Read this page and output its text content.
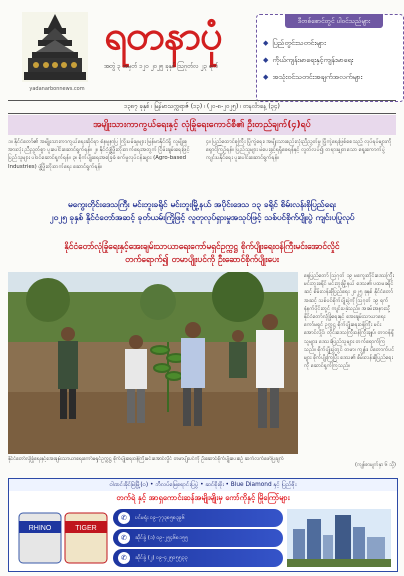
yadanarbonnews.com
ရတနာပုံ
အတွဲ ၃ အမှတ် ၁၂၀ ၂၀၂၅ ခုနှစ် ဩဂုတ်လ ၂၃ ရက်
ဒီတစ်စောင်တွင် ပါဝင်သည်များ
◆ ပြည်တွင်းသတင်းများ
◆ ကိုယ်ကျန်းမာရေးနှင့်ကျန်းမာရေး
◆ အသုံးဝင်သတင်းအချက်အလက်များ
၁၃၈၇ ခုနှစ် ၊ မြန်မာသက္ကရာဇ် (၁၃) ၊ (၂၀-၈-၂၀၂၅) ၊ တနင်္လာနေ့ (၃၄)
အမျိုးသားကာကွယ်ရေးနှင့် လုံခြုံရေးကောင်စီ၏ ဦးတည်ချက်(၄)ရပ်
၁။ နိုင်ငံတော်၏ အမျိုးသားကာကွယ်ရေးဆိုင်ရာ စံနမူနာပြ ကြိုးပမ်းမှုများ မြန်မာနိုင်ငံရှိ လူမျိုးစုအားလုံး ညီညွတ်စွာ ပူးပေါင်းဆောင်ရွက်ရန်။ ၂။ နိုင်ငံ့ဖွံ့ဖြိုးတိုးတက်ရေးအတွက် ငြိမ်းချမ်းရေးဖြင့် ပြည်သူများ ပါဝင်ဆောင်ရွက်ရန်။ ၃။ စိုက်ပျိုးရေးအခြေခံ စက်မှုလုပ်ငန်းများ (Agro-based Industries) ဖွံ့ဖြိုးတိုးတက်ရေး ဆောင်ရွက်ရန်။
၄။ ပြည်ထောင်စုကြီး ပြိုကွဲရေး၊ အမျိုးသားစည်းလုံးညီညွတ်မှု ပြိုကွဲရေးဖြစ်စေသည့် လုပ်ရပ်များကို ရှောင်ကြဉ်ရန်။ ပြည်သူများ မဲပေးခွင့်ရရှိစေရန်နှင့် လွတ်လပ်၍ တရားမျှတသော ရွေးကောက်ပွဲကျင်းပနိုင်ရေး ပူးပေါင်းဆောင်ရွက်ရန်။
မကွေးတိုင်းဒေသကြီး မင်းဘူးခရိုင် မင်းဘူးမြို့နယ် အပိုင်းဒေသ ၁၃ ခရိုင် စိမ်းလန်းစိုပြည်ရေး
၂၀၂၅ ခုနှစ် နိုင်ငံတော်အဆင့် ခုတ်ယမ်းကြိုဖြင့် လူတုလုပ်ရှားမှုအသုပ်ဖြင့် သစ်ပင်စိုက်ပျိုးပွဲ ကျင်းပပြုလုပ်
နိုင်ငံတော်လုံခြုံရေးနှင့်အေးချမ်းသာယာရေးကော်မရှင်ဥက္ကဋ္ဌ စိုက်ပျိုးရေးဝန်ကြီးမင်းအောင်လှိုင်
တက်ရောက်၍ တမာပျိုးပင်ကို ဦးဆောင်စိုက်ပျိုးပေး
နိုင်ငံတော်လုံခြုံရေးနှင့်အေးချမ်းသာယာရေးကော်မရှင်ဥက္ကဋ္ဌ စိုက်ပျိုးရေးဝန်ကြီးမင်းအောင်လှိုင် တမာပျိုးပင်ကို ဦးဆောင်စိုက်ပျိုးပေးစဉ် ဆက်လက်ဖော်ပြချက်
နေပြည်တော် ဩဂုတ် ၁၉ မကွေးတိုင်းဒေသကြီး မင်းဘူးခရိုင် မင်းဘူးမြို့နယ် ဒေသ၏ ပထမခရိုင်ဆင့် စိမ်းလန်းစိုပြည်ရေး ၂၀၂၅ ခုနှစ် နိုင်ငံတော်အဆင့် သစ်ပင်စိုက်ပျိုးပွဲကို ဩဂုတ် ၁၉ ရက် နံနက်ပိုင်းတွင် ကျင်းပခဲ့သည်။ အခမ်းအနားသို့ နိုင်ငံတော်လုံခြုံရေးနှင့် အေးချမ်းသာယာရေးကော်မရှင် ဥက္ကဋ္ဌ စိုက်ပျိုးရေးဝန်ကြီး မင်းအောင်လှိုင်၊ တိုင်းဒေသကြီးဝန်ကြီးချုပ်၊ တာဝန်ရှိသူများ၊ ဒေသခံပြည်သူများ တက်ရောက်ကြသည်။ စိုက်ပျိုးပွဲတွင် တမာ၊ ကျွန်း၊ ပိတောက်ပင်များ စိုက်ပျိုးကြပြီး ဒေသ၏ စိမ်းလန်းစိုပြည်ရေးကို ဆောင်ရွက်ကြသည်။
(ကျန်စာမျက်နှာ ၆ သို့)
ဝါဏင်းခိုင်မြဲမြို့(ဝ) • ဘီလပ်မြေရောင်းပြပွဲ • ဆင်စိုးစိုး • Blue Diamond နှင့် ပြည်ဇိုး
တက်ရဲ နှင့် အာရှကောင်းဆန်အမျိုးမျိုးမှ ကော်ကိုနှင့် မြိုကြော်များ
RHINO	TIGER
✆	ပင်မရုံး ၀၉-၇၇၃၈၅၈၃၉၆
✆	ဆိုင်ခွဲ (၁) ၀၉-၂၅၄၆၈၁၅၅
✆	ဆိုင်ခွဲ (၂) ၀၉-၄၂၅၀၅၅၃၃
